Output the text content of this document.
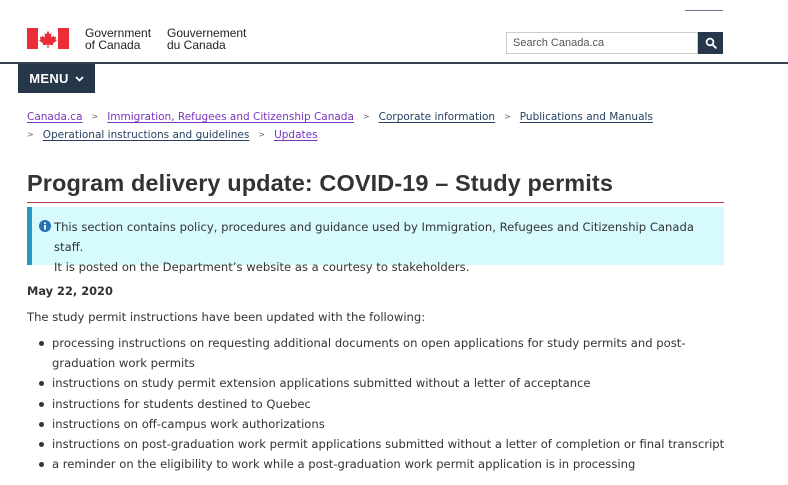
Government
of Canada
Gouvernement
du Canada
Search Canada.ca
MENU
Canada.ca > Immigration, Refugees and Citizenship Canada > Corporate information > Publications and Manuals
> Operational instructions and guidelines > Updates
Program delivery update: COVID-19 – Study permits
This section contains policy, procedures and guidance used by Immigration, Refugees and Citizenship Canada staff.
It is posted on the Department’s website as a courtesy to stakeholders.
May 22, 2020
The study permit instructions have been updated with the following:
processing instructions on requesting additional documents on open applications for study permits and post-
graduation work permits
instructions on study permit extension applications submitted without a letter of acceptance
instructions for students destined to Quebec
instructions on off-campus work authorizations
instructions on post-graduation work permit applications submitted without a letter of completion or final transcript
a reminder on the eligibility to work while a post-graduation work permit application is in processing
